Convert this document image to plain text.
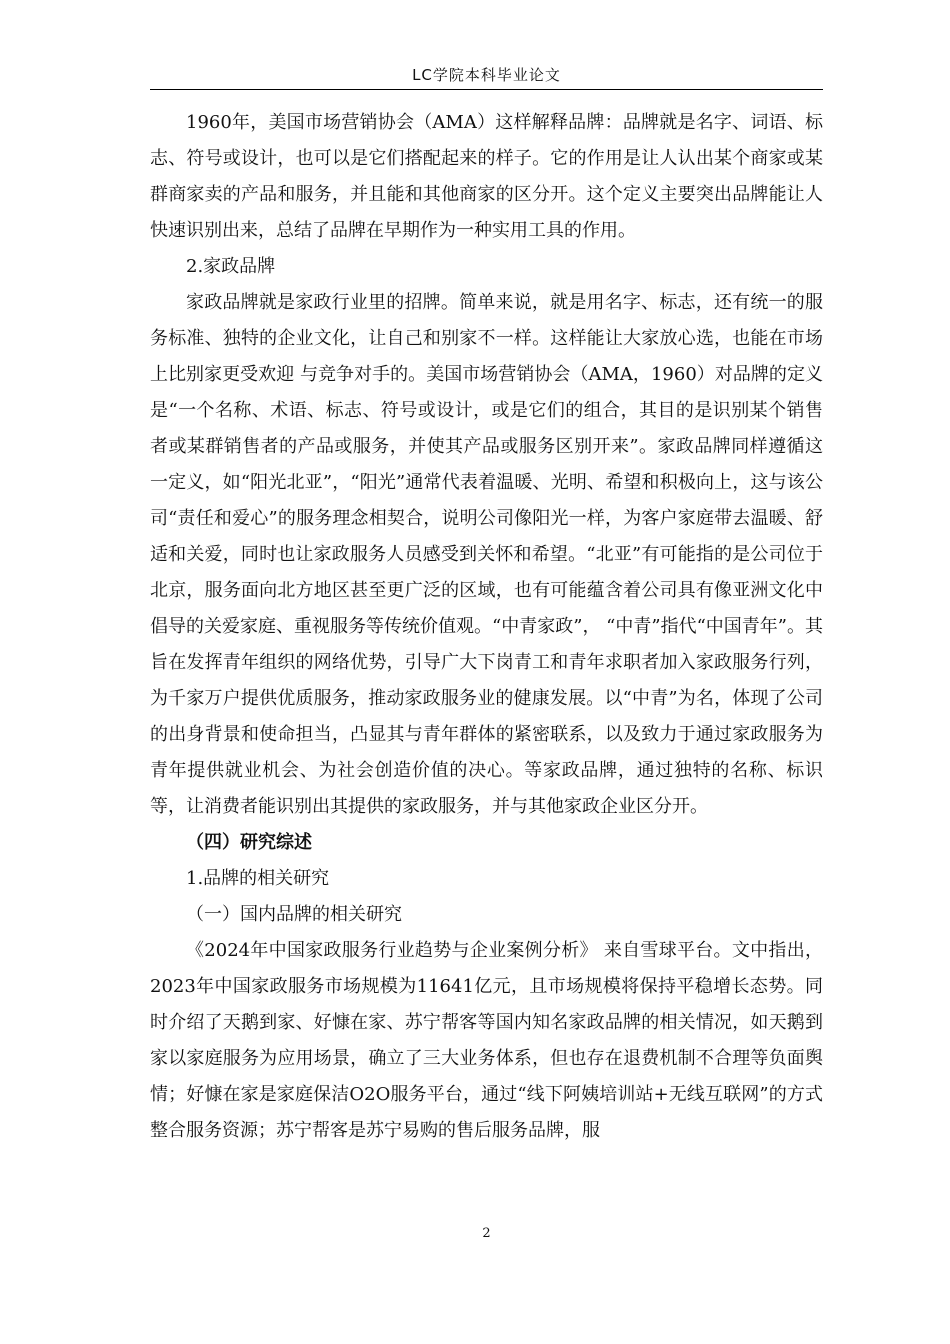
LC学院本科毕业论文

1960年，美国市场营销协会（AMA）这样解释品牌：品牌就是名字、词语、标志、符号或设计，也可以是它们搭配起来的样子。它的作用是让人认出某个商家或某群商家卖的产品和服务，并且能和其他商家的区分开。这个定义主要突出品牌能让人快速识别出来，总结了品牌在早期作为一种实用工具的作用。

2.家政品牌

家政品牌就是家政行业里的招牌。简单来说，就是用名字、标志，还有统一的服务标准、独特的企业文化，让自己和别家不一样。这样能让大家放心选，也能在市场上比别家更受欢迎 与竞争对手的。美国市场营销协会（AMA，1960）对品牌的定义是“一个名称、术语、标志、符号或设计，或是它们的组合，其目的是识别某个销售者或某群销售者的产品或服务，并使其产品或服务区别开来”。家政品牌同样遵循这一定义，如“阳光北亚”，“阳光”通常代表着温暖、光明、希望和积极向上，这与该公司“责任和爱心”的服务理念相契合，说明公司像阳光一样，为客户家庭带去温暖、舒适和关爱，同时也让家政服务人员感受到关怀和希望。“北亚”有可能指的是公司位于北京，服务面向北方地区甚至更广泛的区域，也有可能蕴含着公司具有像亚洲文化中倡导的关爱家庭、重视服务等传统价值观。“中青家政”， “中青”指代“中国青年”。其旨在发挥青年组织的网络优势，引导广大下岗青工和青年求职者加入家政服务行列，为千家万户提供优质服务，推动家政服务业的健康发展。以“中青”为名，体现了公司的出身背景和使命担当，凸显其与青年群体的紧密联系，以及致力于通过家政服务为青年提供就业机会、为社会创造价值的决心。等家政品牌，通过独特的名称、标识等，让消费者能识别出其提供的家政服务，并与其他家政企业区分开。

（四）研究综述

1.品牌的相关研究

（一）国内品牌的相关研究

《2024年中国家政服务行业趋势与企业案例分析》 来自雪球平台。文中指出，2023年中国家政服务市场规模为11641亿元，且市场规模将保持平稳增长态势。同时介绍了天鹅到家、好慷在家、苏宁帮客等国内知名家政品牌的相关情况，如天鹅到家以家庭服务为应用场景，确立了三大业务体系，但也存在退费机制不合理等负面舆情；好慷在家是家庭保洁O2O服务平台，通过“线下阿姨培训站+无线互联网”的方式整合服务资源；苏宁帮客是苏宁易购的售后服务品牌，服

2
